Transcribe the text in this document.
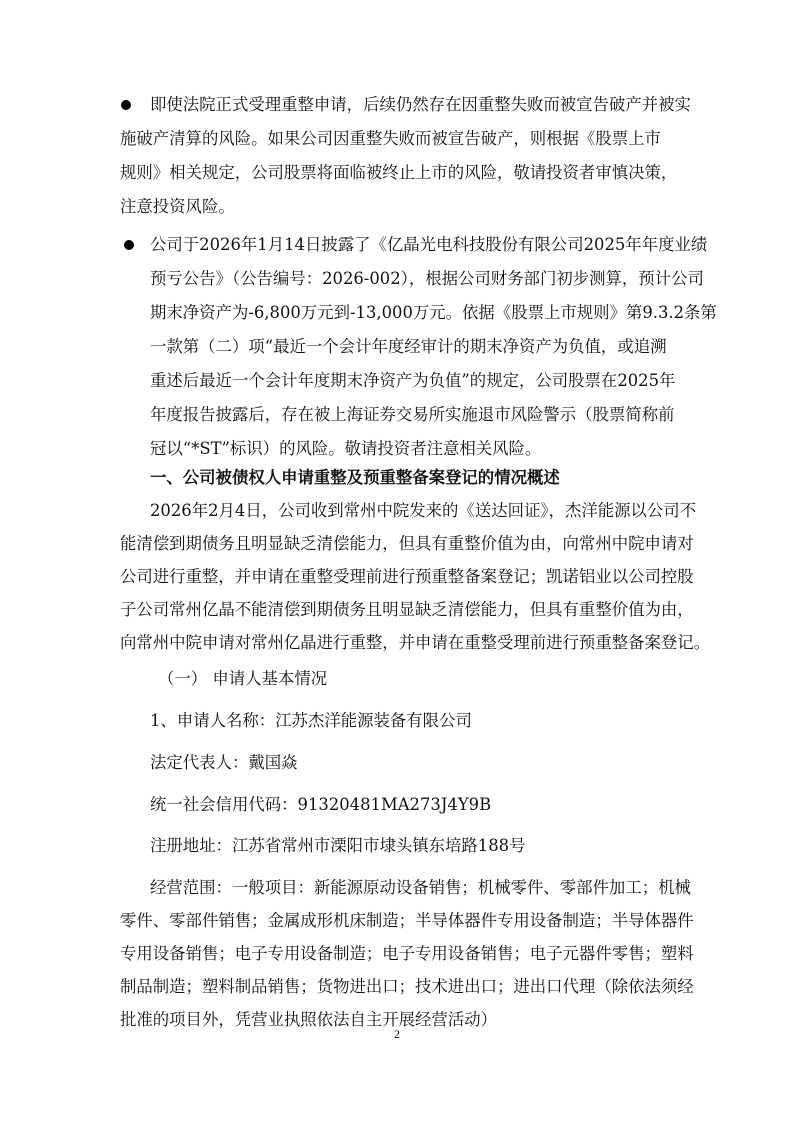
即使法院正式受理重整申请，后续仍然存在因重整失败而被宣告破产并被实
施破产清算的风险。如果公司因重整失败而被宣告破产，则根据《股票上市
规则》相关规定，公司股票将面临被终止上市的风险，敬请投资者审慎决策，
注意投资风险。
公司于2026年1月14日披露了《亿晶光电科技股份有限公司2025年年度业绩
预亏公告》（公告编号：2026-002），根据公司财务部门初步测算，预计公司
期末净资产为-6,800万元到-13,000万元。依据《股票上市规则》第9.3.2条第
一款第（二）项“最近一个会计年度经审计的期末净资产为负值，或追溯
重述后最近一个会计年度期末净资产为负值”的规定，公司股票在2025年
年度报告披露后，存在被上海证券交易所实施退市风险警示（股票简称前
冠以“*ST”标识）的风险。敬请投资者注意相关风险。
一、公司被债权人申请重整及预重整备案登记的情况概述
2026年2月4日，公司收到常州中院发来的《送达回证》，杰洋能源以公司不
能清偿到期债务且明显缺乏清偿能力，但具有重整价值为由，向常州中院申请对
公司进行重整，并申请在重整受理前进行预重整备案登记；凯诺铝业以公司控股
子公司常州亿晶不能清偿到期债务且明显缺乏清偿能力，但具有重整价值为由，
向常州中院申请对常州亿晶进行重整，并申请在重整受理前进行预重整备案登记。
（一） 申请人基本情况
1、申请人名称：江苏杰洋能源装备有限公司
法定代表人：戴国焱
统一社会信用代码：91320481MA273J4Y9B
注册地址：江苏省常州市溧阳市埭头镇东培路188号
经营范围：一般项目：新能源原动设备销售；机械零件、零部件加工；机械
零件、零部件销售；金属成形机床制造；半导体器件专用设备制造；半导体器件
专用设备销售；电子专用设备制造；电子专用设备销售；电子元器件零售；塑料
制品制造；塑料制品销售；货物进出口；技术进出口；进出口代理（除依法须经
批准的项目外，凭营业执照依法自主开展经营活动）
2
